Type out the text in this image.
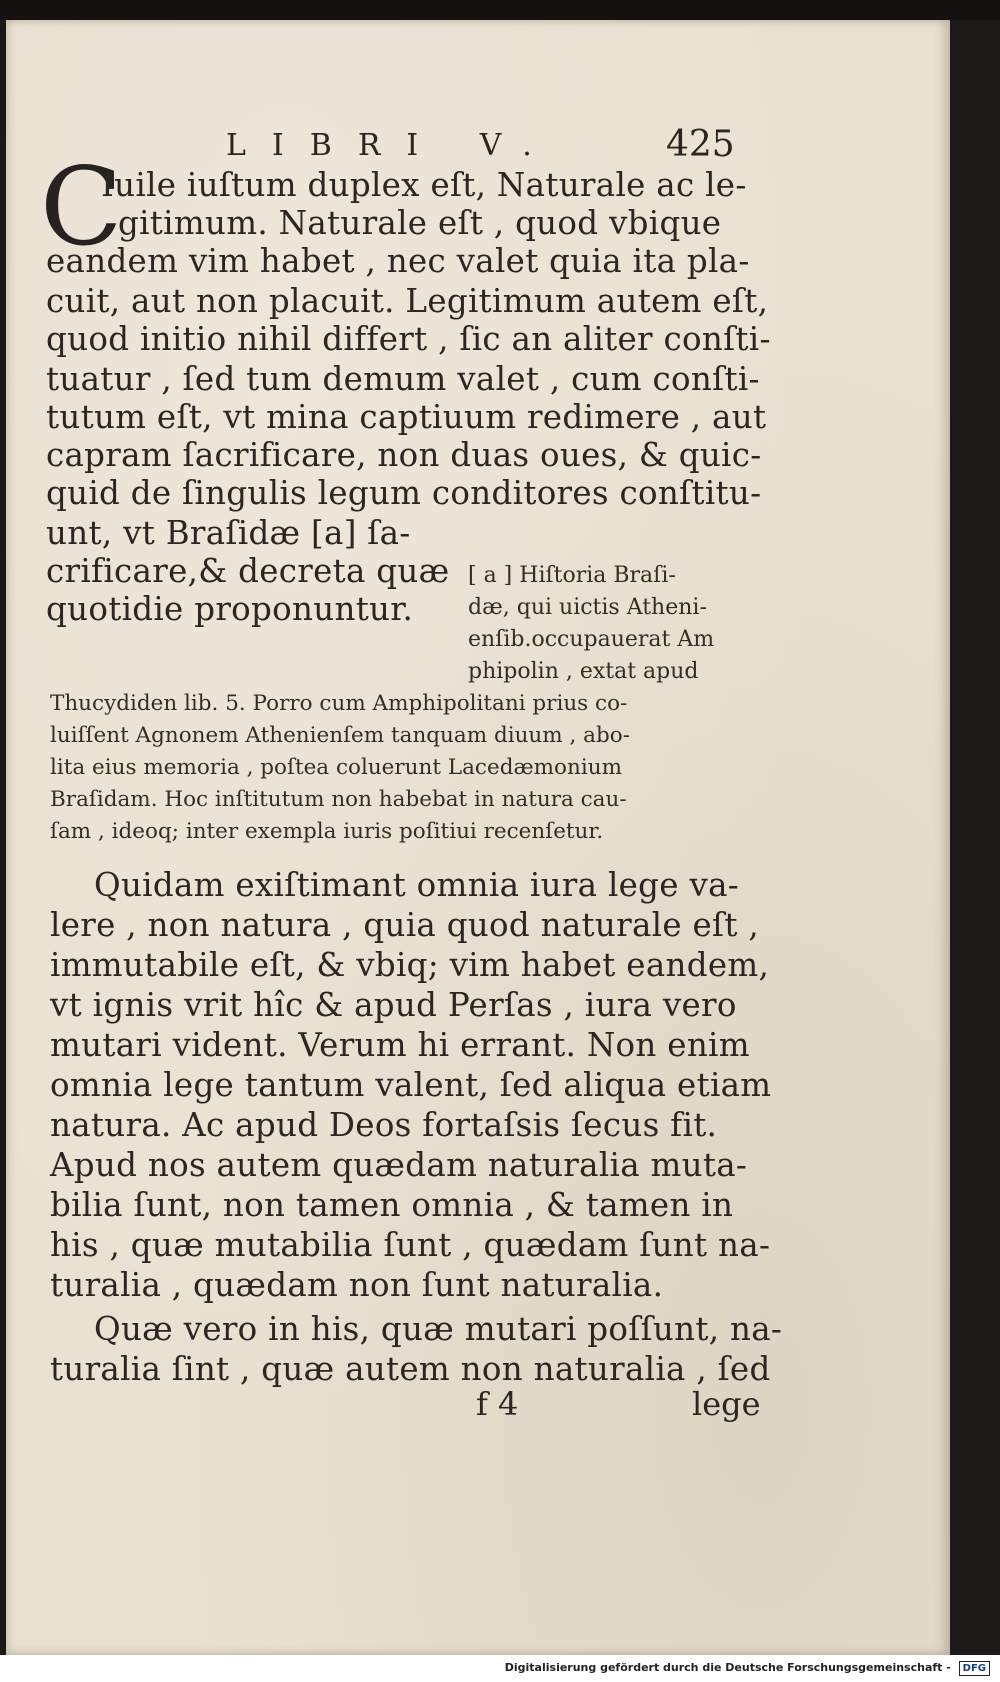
LIBRI V.	425
C
Iuile iuſtum duplex eſt, Naturale ac le-
gitimum. Naturale eſt , quod vbique
eandem vim habet , nec valet quia ita pla-
cuit, aut non placuit. Legitimum autem eſt,
quod initio nihil differt , ſic an aliter conſti-
tuatur , ſed tum demum valet , cum conſti-
tutum eſt, vt mina captiuum redimere , aut
capram ſacrificare, non duas oues, & quic-
quid de ſingulis legum conditores conſtitu-
unt, vt Braſidæ [a] ſa-
crificare,& decreta quæ
quotidie proponuntur.
[ a ] Hiſtoria Braſi-
dæ, qui uictis Atheni-
enſib.occupauerat Am
phipolin , extat apud
Thucydiden lib. 5. Porro cum Amphipolitani prius co-
luiſſent Agnonem Athenienſem tanquam diuum , abo-
lita eius memoria , poſtea coluerunt Lacedæmonium
Braſidam. Hoc inſtitutum non habebat in natura cau-
ſam , ideoq; inter exempla iuris poſitiui recenſetur.
Quidam exiſtimant omnia iura lege va-
lere , non natura , quia quod naturale eſt ,
immutabile eſt, & vbiq; vim habet eandem,
vt ignis vrit hîc & apud Perſas , iura vero
mutari vident. Verum hi errant. Non enim
omnia lege tantum valent, ſed aliqua etiam
natura. Ac apud Deos fortaſsis ſecus fit.
Apud nos autem quædam naturalia muta-
bilia ſunt, non tamen omnia , & tamen in
his , quæ mutabilia ſunt , quædam ſunt na-
turalia , quædam non ſunt naturalia.
Quæ vero in his, quæ mutari poſſunt, na-
turalia ſint , quæ autem non naturalia , ſed
f 4	lege
Digitalisierung gefördert durch die Deutsche Forschungsgemeinschaft - DFG
